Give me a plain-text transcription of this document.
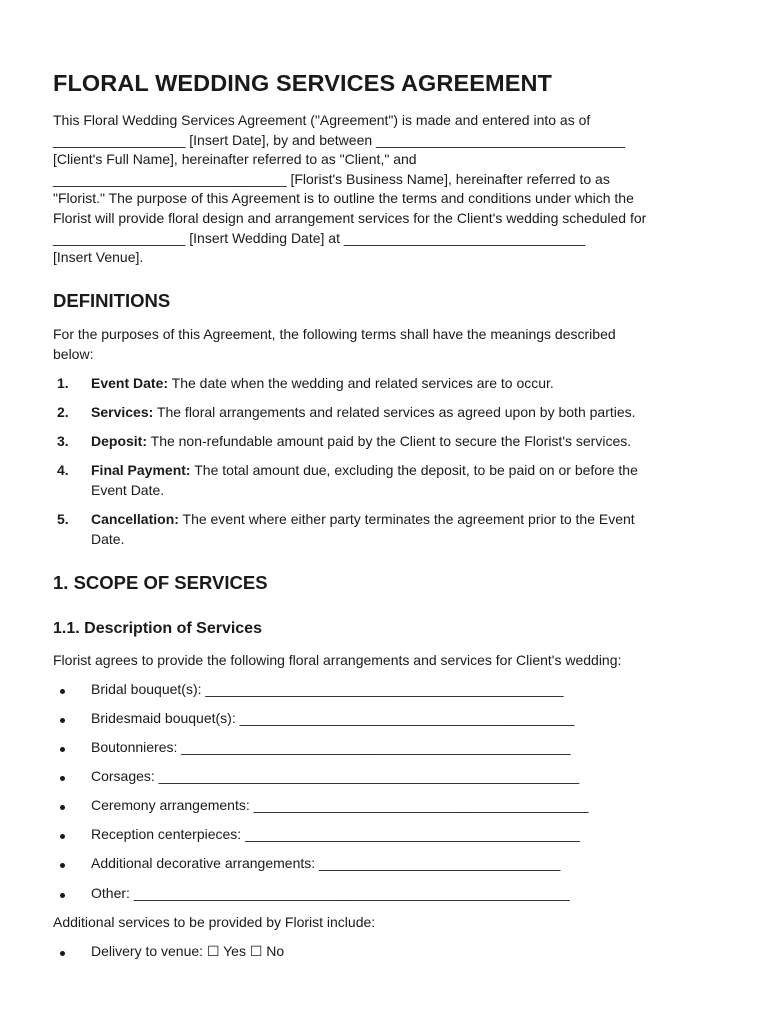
FLORAL WEDDING SERVICES AGREEMENT
This Floral Wedding Services Agreement ("Agreement") is made and entered into as of
_________________ [Insert Date], by and between ________________________________
[Client's Full Name], hereinafter referred to as "Client," and
______________________________ [Florist's Business Name], hereinafter referred to as
"Florist." The purpose of this Agreement is to outline the terms and conditions under which the
Florist will provide floral design and arrangement services for the Client's wedding scheduled for
_________________ [Insert Wedding Date] at _______________________________
[Insert Venue].
DEFINITIONS
For the purposes of this Agreement, the following terms shall have the meanings described
below:
1. Event Date: The date when the wedding and related services are to occur.
2. Services: The floral arrangements and related services as agreed upon by both parties.
3. Deposit: The non-refundable amount paid by the Client to secure the Florist's services.
4. Final Payment: The total amount due, excluding the deposit, to be paid on or before the
Event Date.
5. Cancellation: The event where either party terminates the agreement prior to the Event
Date.
1. SCOPE OF SERVICES
1.1. Description of Services
Florist agrees to provide the following floral arrangements and services for Client's wedding:
Bridal bouquet(s): ______________________________________________
Bridesmaid bouquet(s): ___________________________________________
Boutonnieres: __________________________________________________
Corsages: ______________________________________________________
Ceremony arrangements: ___________________________________________
Reception centerpieces: ___________________________________________
Additional decorative arrangements: _______________________________
Other: ________________________________________________________
Additional services to be provided by Florist include:
Delivery to venue: ☐ Yes ☐ No
